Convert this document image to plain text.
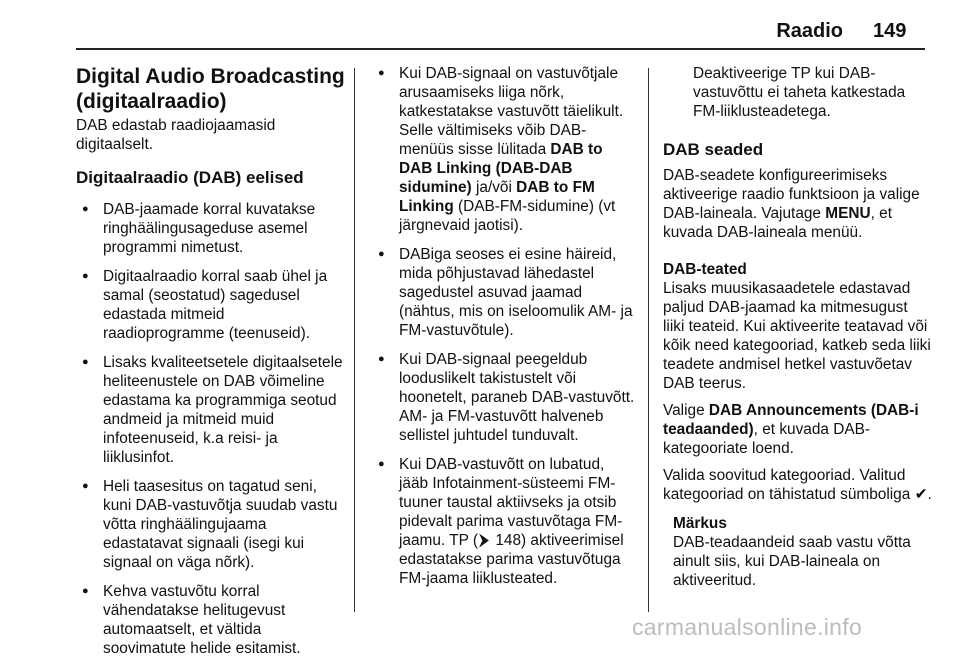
Raadio 149
Digital Audio Broadcasting (digitaalraadio)

DAB edastab raadiojaamasid digitaalselt.

Digitaalraadio (DAB) eelised
● DAB-jaamade korral kuvatakse ringhäälingusageduse asemel programmi nimetust.
● Digitaalraadio korral saab ühel ja samal (seostatud) sagedusel edastada mitmeid raadioprogramme (teenuseid).
● Lisaks kvaliteetsetele digitaalsetele heliteenustele on DAB võimeline edastama ka programmiga seotud andmeid ja mitmeid muid infoteenuseid, k.a reisi- ja liiklusinfot.
● Heli taasesitus on tagatud seni, kuni DAB-vastuvõtja suudab vastu võtta ringhäälingujaama edastatavat signaali (isegi kui signaal on väga nõrk).
● Kehva vastuvõtu korral vähendatakse helitugevust automaatselt, et vältida soovimatute helide esitamist.
● Kui DAB-signaal on vastuvõtjale arusaamiseks liiga nõrk, katkestatakse vastuvõtt täielikult. Selle vältimiseks võib DAB-menüüs sisse lülitada DAB to DAB Linking (DAB-DAB sidumine) ja/või DAB to FM Linking (DAB-FM-sidumine) (vt järgnevaid jaotisi).
● DABiga seoses ei esine häireid, mida põhjustavad lähedastel sagedustel asuvad jaamad (nähtus, mis on iseloomulik AM- ja FM-vastuvõtule).
● Kui DAB-signaal peegeldub looduslikelt takistustelt või hoonetelt, paraneb DAB-vastuvõtt. AM- ja FM-vastuvõtt halveneb sellistel juhtudel tunduvalt.
● Kui DAB-vastuvõtt on lubatud, jääb Infotainment-süsteemi FM-tuuner taustal aktiivseks ja otsib pidevalt parima vastuvõtaga FM-jaamu. TP (⮟ 148) aktiveerimisel edastatakse parima vastuvõtuga FM-jaama liiklusteated.

Deaktiveerige TP kui DAB-vastuvõttu ei taheta katkestada FM-liiklusteadetega.

DAB seaded

DAB-seadete konfigureerimiseks aktiveerige raadio funktsioon ja valige DAB-laineala. Vajutage MENU, et kuvada DAB-laineala menüü.

DAB-teated

Lisaks muusikasaadetele edastavad paljud DAB-jaamad ka mitmesugust liiki teateid. Kui aktiveerite teatavad või kõik need kategooriad, katkeb seda liiki teadete andmisel hetkel vastuvõetav DAB teerus.

Valige DAB Announcements (DAB-i teadaanded), et kuvada DAB-kategooriate loend.

Valida soovitud kategooriad. Valitud kategooriad on tähistatud sümboliga ✔.

Märkus

DAB-teadaandeid saab vastu võtta ainult siis, kui DAB-laineala on aktiveeritud.

carmanualsonline.info
